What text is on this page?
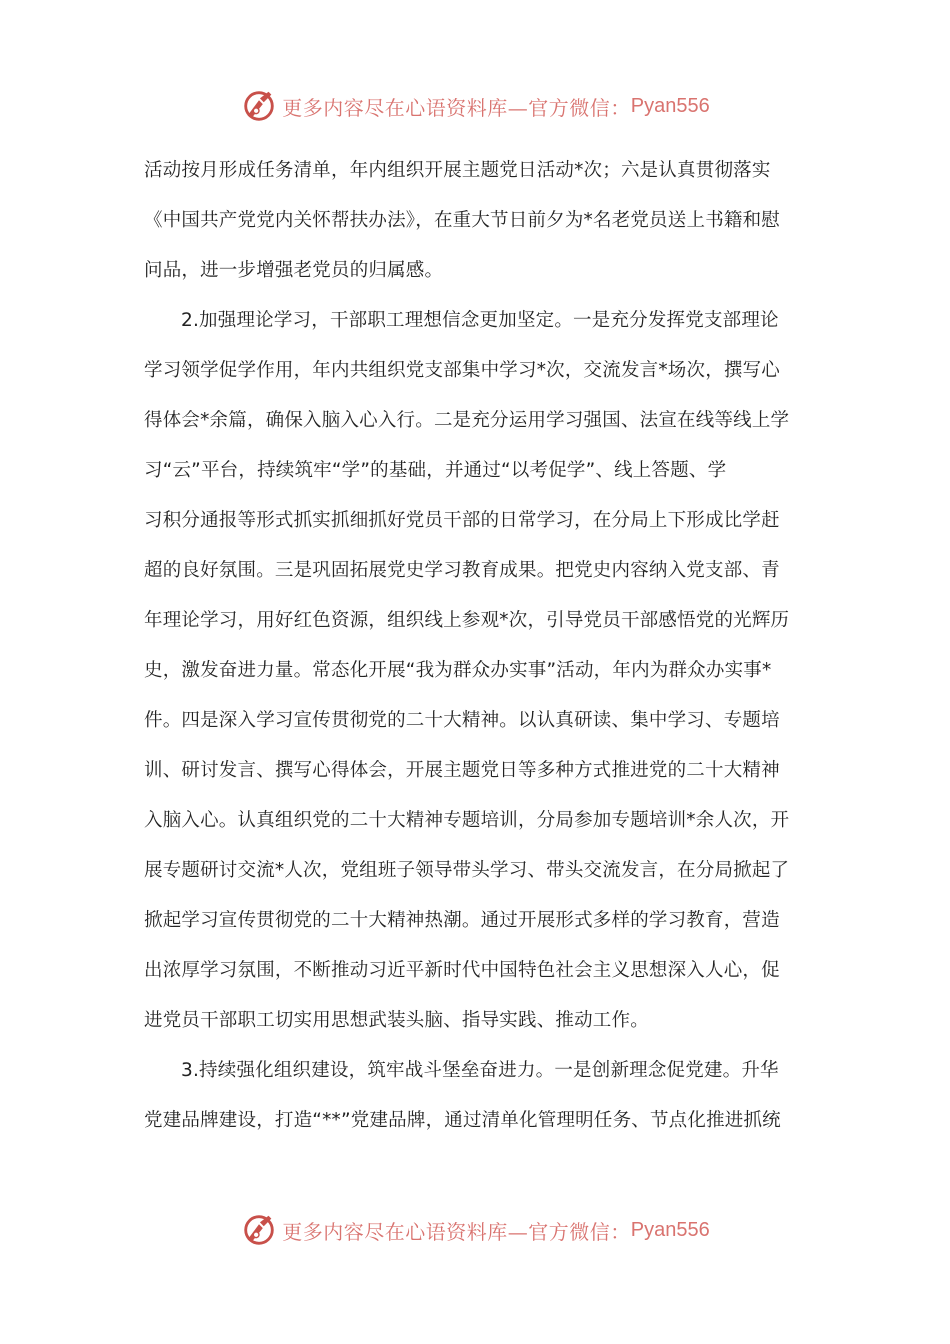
更多内容尽在心语资料库—官方微信： Pyan556
活动按月形成任务清单，年内组织开展主题党日活动*次；六是认真贯彻落实
《中国共产党党内关怀帮扶办法》，在重大节日前夕为*名老党员送上书籍和慰
问品，进一步增强老党员的归属感。
2.加强理论学习，干部职工理想信念更加坚定。一是充分发挥党支部理论
学习领学促学作用，年内共组织党支部集中学习*次，交流发言*场次，撰写心
得体会*余篇，确保入脑入心入行。二是充分运用学习强国、法宣在线等线上学
习“云”平台，持续筑牢“学”的基础，并通过“以考促学”、线上答题、学
习积分通报等形式抓实抓细抓好党员干部的日常学习，在分局上下形成比学赶
超的良好氛围。三是巩固拓展党史学习教育成果。把党史内容纳入党支部、青
年理论学习，用好红色资源，组织线上参观*次，引导党员干部感悟党的光辉历
史，激发奋进力量。常态化开展“我为群众办实事”活动，年内为群众办实事*
件。四是深入学习宣传贯彻党的二十大精神。以认真研读、集中学习、专题培
训、研讨发言、撰写心得体会，开展主题党日等多种方式推进党的二十大精神
入脑入心。认真组织党的二十大精神专题培训，分局参加专题培训*余人次，开
展专题研讨交流*人次，党组班子领导带头学习、带头交流发言，在分局掀起了
掀起学习宣传贯彻党的二十大精神热潮。通过开展形式多样的学习教育，营造
出浓厚学习氛围，不断推动习近平新时代中国特色社会主义思想深入人心，促
进党员干部职工切实用思想武装头脑、指导实践、推动工作。
3.持续强化组织建设，筑牢战斗堡垒奋进力。一是创新理念促党建。升华
党建品牌建设，打造“**”党建品牌，通过清单化管理明任务、节点化推进抓统
更多内容尽在心语资料库—官方微信： Pyan556
